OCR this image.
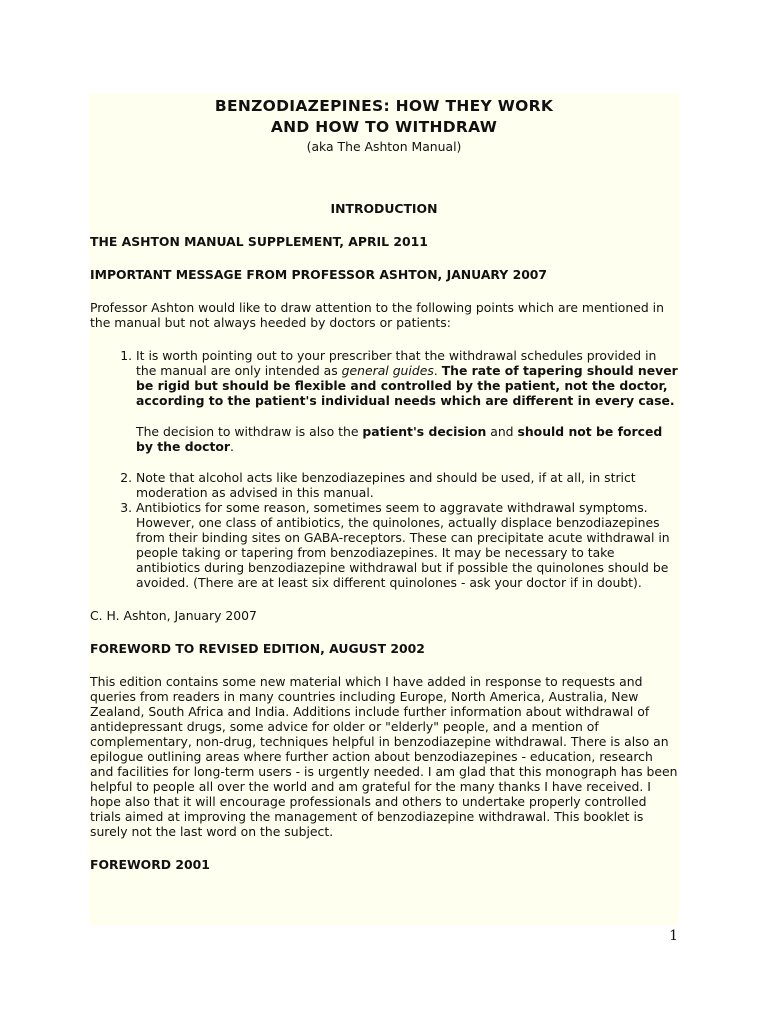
BENZODIAZEPINES: HOW THEY WORK
AND HOW TO WITHDRAW

(aka The Ashton Manual)

INTRODUCTION

THE ASHTON MANUAL SUPPLEMENT, APRIL 2011

IMPORTANT MESSAGE FROM PROFESSOR ASHTON, JANUARY 2007

Professor Ashton would like to draw attention to the following points which are mentioned in the manual but not always heeded by doctors or patients:

1. It is worth pointing out to your prescriber that the withdrawal schedules provided in the manual are only intended as general guides. The rate of tapering should never be rigid but should be flexible and controlled by the patient, not the doctor, according to the patient's individual needs which are different in every case.

The decision to withdraw is also the patient's decision and should not be forced by the doctor.

2. Note that alcohol acts like benzodiazepines and should be used, if at all, in strict moderation as advised in this manual.
3. Antibiotics for some reason, sometimes seem to aggravate withdrawal symptoms. However, one class of antibiotics, the quinolones, actually displace benzodiazepines from their binding sites on GABA-receptors. These can precipitate acute withdrawal in people taking or tapering from benzodiazepines. It may be necessary to take antibiotics during benzodiazepine withdrawal but if possible the quinolones should be avoided. (There are at least six different quinolones - ask your doctor if in doubt).

C. H. Ashton, January 2007

FOREWORD TO REVISED EDITION, AUGUST 2002

This edition contains some new material which I have added in response to requests and queries from readers in many countries including Europe, North America, Australia, New Zealand, South Africa and India. Additions include further information about withdrawal of antidepressant drugs, some advice for older or "elderly" people, and a mention of complementary, non-drug, techniques helpful in benzodiazepine withdrawal. There is also an epilogue outlining areas where further action about benzodiazepines - education, research and facilities for long-term users - is urgently needed. I am glad that this monograph has been helpful to people all over the world and am grateful for the many thanks I have received. I hope also that it will encourage professionals and others to undertake properly controlled trials aimed at improving the management of benzodiazepine withdrawal. This booklet is surely not the last word on the subject.

FOREWORD 2001

1
